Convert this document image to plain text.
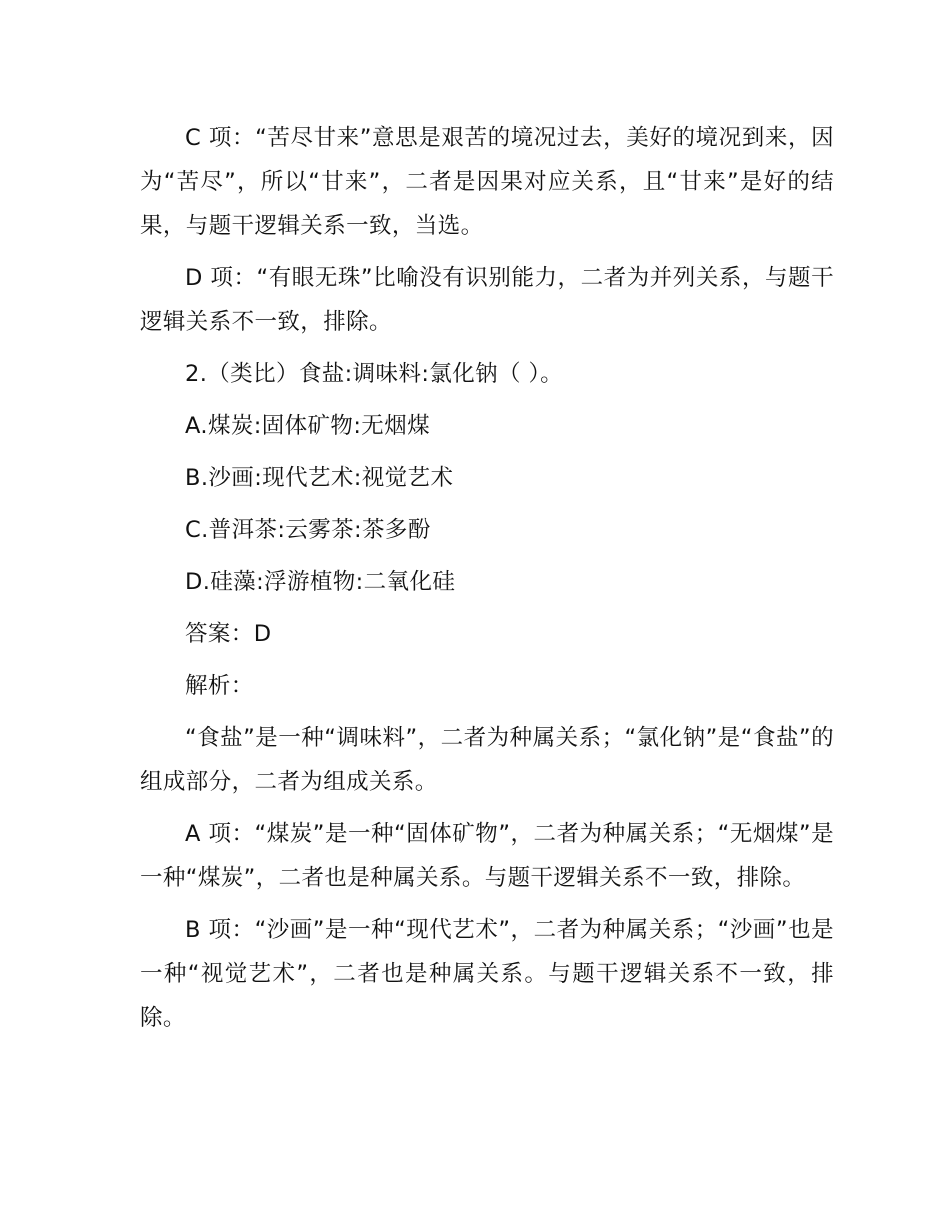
C 项：“苦尽甘来”意思是艰苦的境况过去，美好的境况到来，因为“苦尽”，所以“甘来”，二者是因果对应关系，且“甘来”是好的结果，与题干逻辑关系一致，当选。

D 项：“有眼无珠”比喻没有识别能力，二者为并列关系，与题干逻辑关系不一致，排除。

2.（类比）食盐:调味料:氯化钠（ ）。

A.煤炭:固体矿物:无烟煤

B.沙画:现代艺术:视觉艺术

C.普洱茶:云雾茶:茶多酚

D.硅藻:浮游植物:二氧化硅

答案：D

解析：

“食盐”是一种“调味料”，二者为种属关系；“氯化钠”是“食盐”的组成部分，二者为组成关系。

A 项：“煤炭”是一种“固体矿物”，二者为种属关系；“无烟煤”是一种“煤炭”，二者也是种属关系。与题干逻辑关系不一致，排除。

B 项：“沙画”是一种“现代艺术”，二者为种属关系；“沙画”也是一种“视觉艺术”，二者也是种属关系。与题干逻辑关系不一致，排除。
